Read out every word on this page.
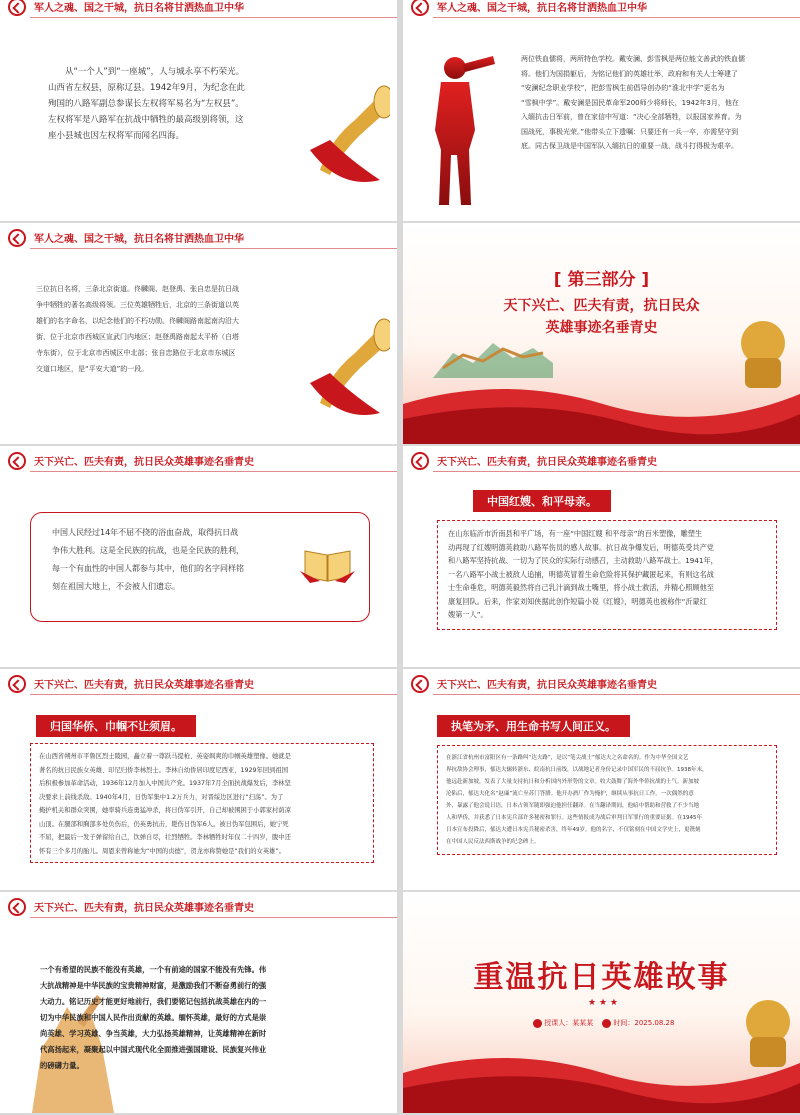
军人之魂、国之干城，抗日名将甘洒热血卫中华
从“一个人”到“一座城”，人与城永享不朽荣光。
山西省左权县，原称辽县。1942年9月，为纪念在此
殉国的八路军副总参谋长左权将军易名为“左权县”。
左权将军是八路军在抗战中牺牲的最高级别将领，这
座小县城也因左权将军而闻名四海。
军人之魂、国之干城，抗日名将甘洒热血卫中华
两位铁血儒将，两所特色学校。戴安澜、彭雪枫是两位能文善武的铁血儒
将。他们为国捐躯后，为铭记他们的英雄壮举，政府和有关人士筹建了
“安澜纪念职业学校”，把彭雪枫生前倡导创办的“淮北中学”更名为
“雪枫中学”。戴安澜是国民革命军200师少将师长，1942年3月，他在
入缅抗击日军前，曾在家信中写道：“决心全部牺牲，以报国家养育。为
国战死，事极光荣。”他带头立下遗嘱：只要还有一兵一卒，亦需坚守到
底。同古保卫战是中国军队入缅抗日的重要一战，战斗打得极为艰辛。
军人之魂、国之干城，抗日名将甘洒热血卫中华
三位抗日名将，三条北京街道。佟麟阁、赵登禹、张自忠是抗日战
争中牺牲的著名高级将领。三位英雄牺牲后，北京的三条街道以英
雄们的名字命名，以纪念他们的不朽功勋。佟麟阁路南起南沟沿大
街，位于北京市西城区宣武门内地区；赵登禹路南起太平桥（白塔
寺东街），位于北京市西城区中北部；张自忠路位于北京市东城区
交道口地区，是“平安大道”的一段。
[ 第三部分 ]
天下兴亡、匹夫有责，抗日民众
英雄事迹名垂青史
天下兴亡、匹夫有责，抗日民众英雄事迹名垂青史
中国人民经过14年不屈不挠的浴血奋战，取得抗日战
争伟大胜利。这是全民族的抗战，也是全民族的胜利，
每一个有血性的中国人都参与其中，他们的名字同样铭
刻在祖国大地上，不会被人们遗忘。
天下兴亡、匹夫有责，抗日民众英雄事迹名垂青史
中国红嫂、和平母亲。
在山东临沂市沂南县和平广场，有一座“中国红嫂 和平母亲”的百米塑像，雕塑生
动再现了红嫂明德英救助八路军伤员的感人故事。抗日战争爆发后，明德英受共产党
和八路军坚持抗战、一切为了民众的实际行动感召，主动救助八路军战士。1941年，
一名八路军小战士被敌人追捕，明德英冒着生命危险将其保护藏匿起来，有则这名战
士生命垂危，明德英毅然将自己乳汁滴到战士嘴里，将小战士救活，并精心照顾他至
康复回队。后来，作家刘知侠据此创作短篇小说《红嫂》，明德英也被称作“沂蒙红
嫂第一人”。
天下兴亡、匹夫有责，抗日民众英雄事迹名垂青史
归国华侨、巾帼不让须眉。
在山西省朔州市平鲁区烈士陵园，矗立着一尊跃马提枪、英姿飒爽的巾帼英雄塑像。她就是
著名的抗日民族女英雄、印尼归侨李林烈士。李林自幼侨居印度尼西亚，1929年回到祖国
后积极参加革命活动，1936年12月加入中国共产党。1937年7月全面抗战爆发后，李林坚
决要求上前线杀敌。1940年4月，日伪军集中1.2万兵力，对晋绥边区进行“扫荡”。为了
掩护机关和群众突围，她率骑兵连勇猛冲杀，将日伪军引开，自己却被围困于小郭家村荫凉
山顶。在腿部和胸部多处负伤后，仍英勇抗击，毙伤日伪军6人。被日伪军包围后，她宁死
不屈，把最后一发子弹留给自己，饮弹自尽，壮烈牺牲。李林牺牲时年仅二十四岁，腹中还
怀有三个多月的胎儿。周恩来曾称她为“中国的贞德”，贺龙亦称赞她是“我们的女英雄”。
天下兴亡、匹夫有责，抗日民众英雄事迹名垂青史
执笔为矛、用生命书写人间正义。
在浙江省杭州市富阳区有一条路叫“达夫路”，是以“笔尖战士”郁达夫之名命名的。作为中华全国文艺
界抗敌协会理事，郁达夫辗转浙东、皖南抗日前线，以战地记者身份记录中国军民的不屈抗争。1938年末，
他远赴新加坡，发表了大量支持抗日和分析国内外形势的文章。收大鼓舞了海外华侨抗战的士气。新加坡
沦陷后，郁达夫化名“赵廉”流亡至苏门答腊。他开办酒厂作为掩护，继续从事抗日工作。一次偶然的意
外，暴露了他会说日语，日本占领军随即强迫他担任翻译。在当翻译期间，他暗中帮助和营救了不少当地
人和华侨，并获悉了日本宪兵部许多秘密和罪行。这些情报成为战后审判日军罪行的重要证据。在1945年
日本宣布投降后，郁达夫遭日本宪兵秘密杀害，终年49岁。他的名字，不仅铭刻在中国文学史上，更镌刻
在中国人民反法西斯战争的纪念碑上。
天下兴亡、匹夫有责，抗日民众英雄事迹名垂青史
一个有希望的民族不能没有英雄，一个有前途的国家不能没有先锋。伟
大抗战精神是中华民族的宝贵精神财富，是激励我们不断奋勇前行的强
大动力。铭记历史才能更好地前行，我们要铭记包括抗战英雄在内的一
切为中华民族和中国人民作出贡献的英雄。缅怀英雄，最好的方式是崇
尚英雄、学习英雄、争当英雄，大力弘扬英雄精神，让英雄精神在新时
代高扬起来，凝聚起以中国式现代化全面推进强国建设、民族复兴伟业
的磅礴力量。
重温抗日英雄故事
★ ★ ★
授课人：某某某	时间：2025.08.28
